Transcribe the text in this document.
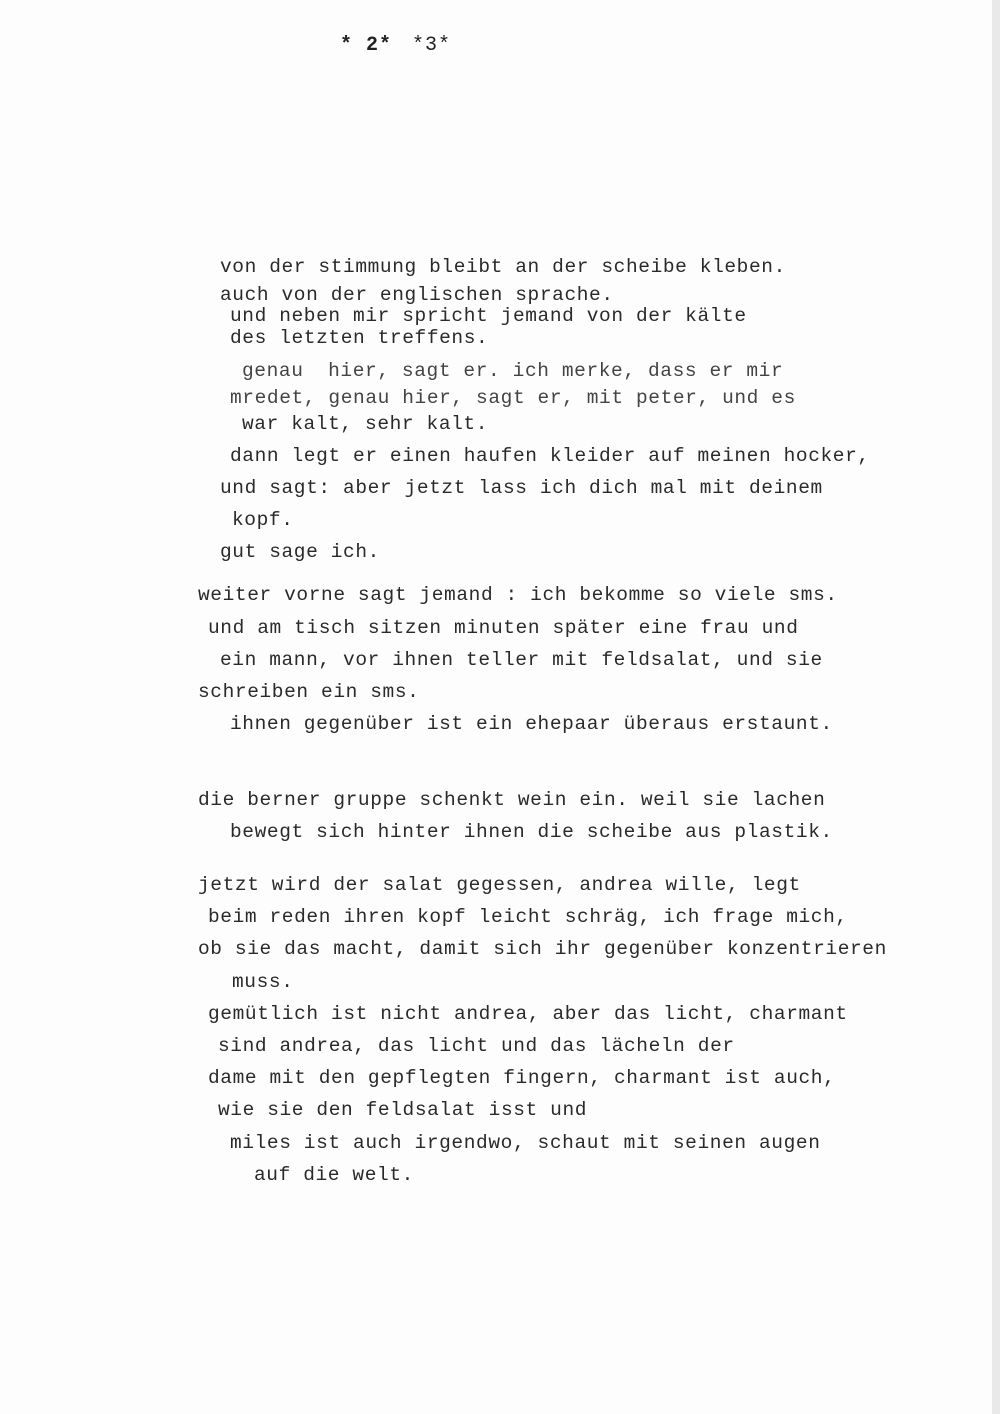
* 2* *3*
von der stimmung bleibt an der scheibe kleben.
auch von der englischen sprache.
und neben mir spricht jemand von der kälte
des letzten treffens.
genau  hier, sagt er. ich merke, dass er mir
mredet, genau hier, sagt er, mit peter, und es
war kalt, sehr kalt.
dann legt er einen haufen kleider auf meinen hocker,
und sagt: aber jetzt lass ich dich mal mit deinem
kopf.
gut sage ich.
weiter vorne sagt jemand : ich bekomme so viele sms.
und am tisch sitzen minuten später eine frau und
ein mann, vor ihnen teller mit feldsalat, und sie
schreiben ein sms.
ihnen gegenüber ist ein ehepaar überaus erstaunt.
die berner gruppe schenkt wein ein. weil sie lachen
bewegt sich hinter ihnen die scheibe aus plastik.
jetzt wird der salat gegessen, andrea wille, legt
beim reden ihren kopf leicht schräg, ich frage mich,
ob sie das macht, damit sich ihr gegenüber konzentrieren
muss.
gemütlich ist nicht andrea, aber das licht, charmant
sind andrea, das licht und das lächeln der
dame mit den gepflegten fingern, charmant ist auch,
wie sie den feldsalat isst und
miles ist auch irgendwo, schaut mit seinen augen
auf die welt.
